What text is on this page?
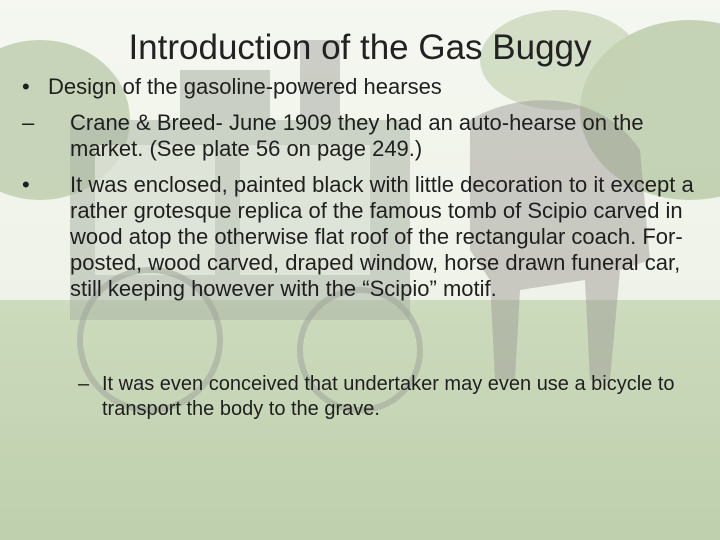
Introduction of the Gas Buggy
• Design of the gasoline-powered hearses
– Crane & Breed- June 1909 they had an auto-hearse on the market. (See plate 56 on page 249.)
• It was enclosed, painted black with little decoration to it except a rather grotesque replica of the famous tomb of Scipio carved in wood atop the otherwise flat roof of the rectangular coach. For-posted, wood carved, draped window, horse drawn funeral car, still keeping however with the “Scipio” motif.
– It was even conceived that undertaker may even use a bicycle to transport the body to the grave.
